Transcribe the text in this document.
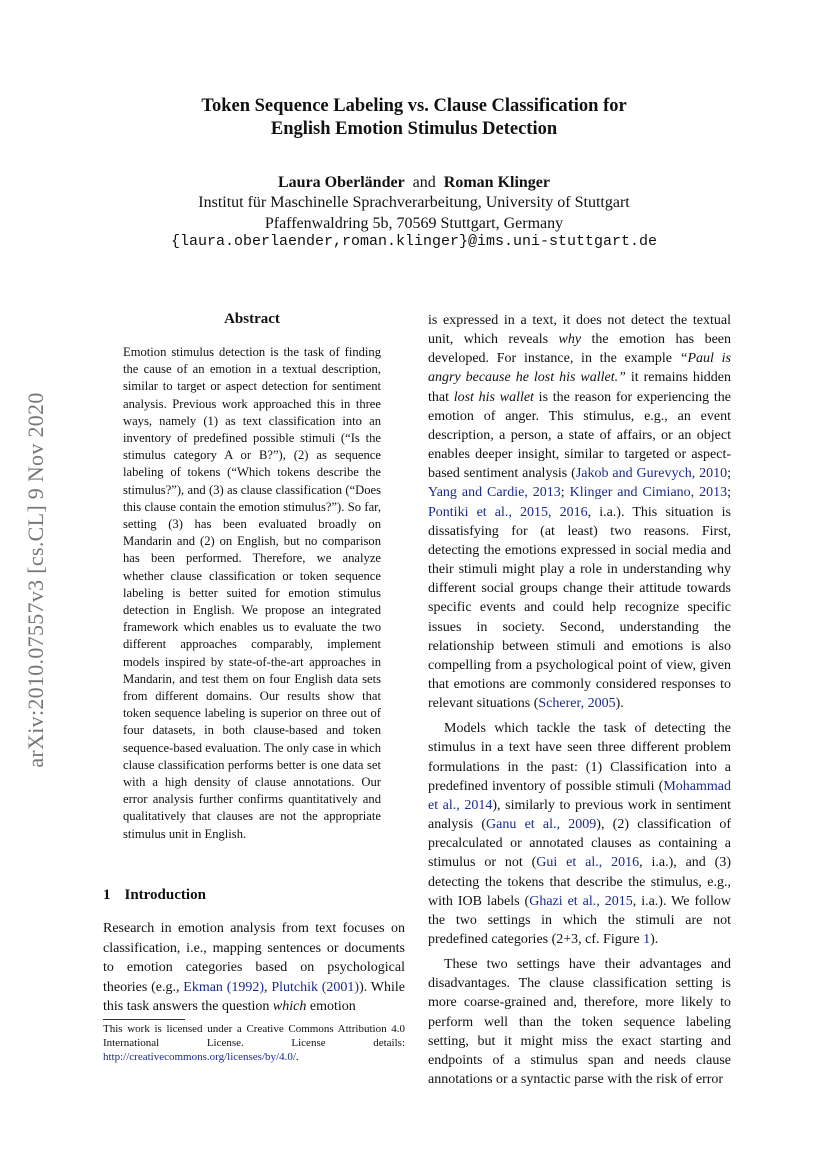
Token Sequence Labeling vs. Clause Classification for
English Emotion Stimulus Detection
Laura Oberländer and Roman Klinger
Institut für Maschinelle Sprachverarbeitung, University of Stuttgart
Pfaffenwaldring 5b, 70569 Stuttgart, Germany
{laura.oberlaender,roman.klinger}@ims.uni-stuttgart.de
arXiv:2010.07557v3 [cs.CL] 9 Nov 2020
Abstract
Emotion stimulus detection is the task of finding the cause of an emotion in a textual description, similar to target or aspect detection for sentiment analysis. Previous work approached this in three ways, namely (1) as text classification into an inventory of predefined possible stimuli (“Is the stimulus category A or B?”), (2) as sequence labeling of tokens (“Which tokens describe the stimulus?”), and (3) as clause classification (“Does this clause contain the emotion stimulus?”). So far, setting (3) has been evaluated broadly on Mandarin and (2) on English, but no comparison has been performed. Therefore, we analyze whether clause classification or token sequence labeling is better suited for emotion stimulus detection in English. We propose an integrated framework which enables us to evaluate the two different approaches comparably, implement models inspired by state-of-the-art approaches in Mandarin, and test them on four English data sets from different domains. Our results show that token sequence labeling is superior on three out of four datasets, in both clause-based and token sequence-based evaluation. The only case in which clause classification performs better is one data set with a high density of clause annotations. Our error analysis further confirms quantitatively and qualitatively that clauses are not the appropriate stimulus unit in English.
1 Introduction
Research in emotion analysis from text focuses on classification, i.e., mapping sentences or documents to emotion categories based on psychological theories (e.g., Ekman (1992), Plutchik (2001)). While this task answers the question which emotion
This work is licensed under a Creative Commons Attribution 4.0 International License. License details: http://creativecommons.org/licenses/by/4.0/.

is expressed in a text, it does not detect the textual unit, which reveals why the emotion has been developed. For instance, in the example “Paul is angry because he lost his wallet.” it remains hidden that lost his wallet is the reason for experiencing the emotion of anger. This stimulus, e.g., an event description, a person, a state of affairs, or an object enables deeper insight, similar to targeted or aspect-based sentiment analysis (Jakob and Gurevych, 2010; Yang and Cardie, 2013; Klinger and Cimiano, 2013; Pontiki et al., 2015, 2016, i.a.). This situation is dissatisfying for (at least) two reasons. First, detecting the emotions expressed in social media and their stimuli might play a role in understanding why different social groups change their attitude towards specific events and could help recognize specific issues in society. Second, understanding the relationship between stimuli and emotions is also compelling from a psychological point of view, given that emotions are commonly considered responses to relevant situations (Scherer, 2005).

Models which tackle the task of detecting the stimulus in a text have seen three different problem formulations in the past: (1) Classification into a predefined inventory of possible stimuli (Mohammad et al., 2014), similarly to previous work in sentiment analysis (Ganu et al., 2009), (2) classification of precalculated or annotated clauses as containing a stimulus or not (Gui et al., 2016, i.a.), and (3) detecting the tokens that describe the stimulus, e.g., with IOB labels (Ghazi et al., 2015, i.a.). We follow the two settings in which the stimuli are not predefined categories (2+3, cf. Figure 1).

These two settings have their advantages and disadvantages. The clause classification setting is more coarse-grained and, therefore, more likely to perform well than the token sequence labeling setting, but it might miss the exact starting and endpoints of a stimulus span and needs clause annotations or a syntactic parse with the risk of error
